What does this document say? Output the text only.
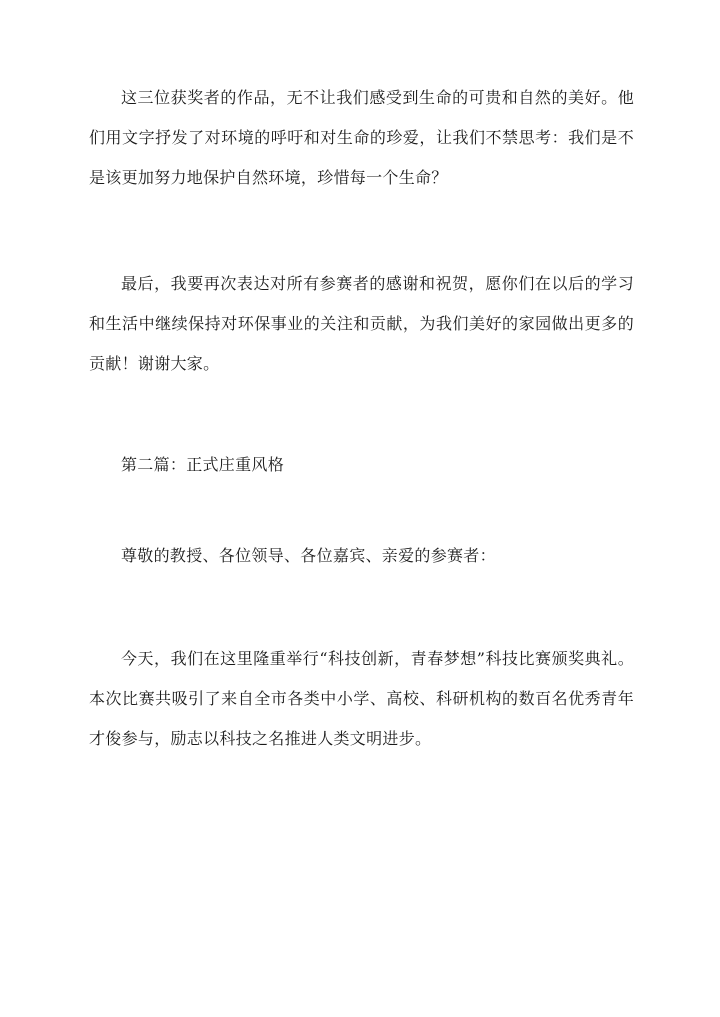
这三位获奖者的作品，无不让我们感受到生命的可贵和自然的美好。他们用文字抒发了对环境的呼吁和对生命的珍爱，让我们不禁思考：我们是不是该更加努力地保护自然环境，珍惜每一个生命？

最后，我要再次表达对所有参赛者的感谢和祝贺，愿你们在以后的学习和生活中继续保持对环保事业的关注和贡献，为我们美好的家园做出更多的贡献！谢谢大家。

第二篇：正式庄重风格

尊敬的教授、各位领导、各位嘉宾、亲爱的参赛者：

今天，我们在这里隆重举行“科技创新，青春梦想”科技比赛颁奖典礼。本次比赛共吸引了来自全市各类中小学、高校、科研机构的数百名优秀青年才俊参与，励志以科技之名推进人类文明进步。
